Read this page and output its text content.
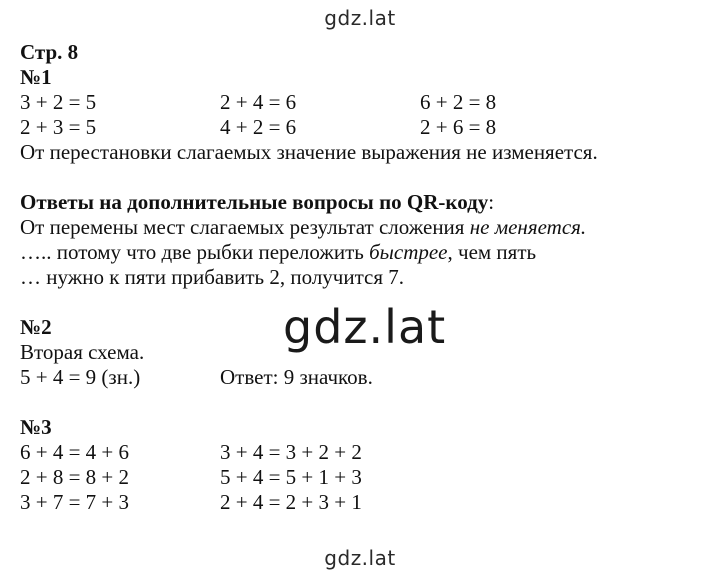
gdz.lat
Стр. 8
№1
3 + 2 = 5	2 + 4 = 6	6 + 2 = 8
2 + 3 = 5	4 + 2 = 6	2 + 6 = 8
От перестановки слагаемых значение выражения не изменяется.
Ответы на дополнительные вопросы по QR-коду:
От перемены мест слагаемых результат сложения не меняется.
….. потому что две рыбки переложить быстрее, чем пять
… нужно к пяти прибавить 2, получится 7.
№2
Вторая схема.
5 + 4 = 9 (зн.)	Ответ: 9 значков.
№3
6 + 4 = 4 + 6	3 + 4 = 3 + 2 + 2
2 + 8 = 8 + 2	5 + 4 = 5 + 1 + 3
3 + 7 = 7 + 3	2 + 4 = 2 + 3 + 1
gdz.lat
gdz.lat
